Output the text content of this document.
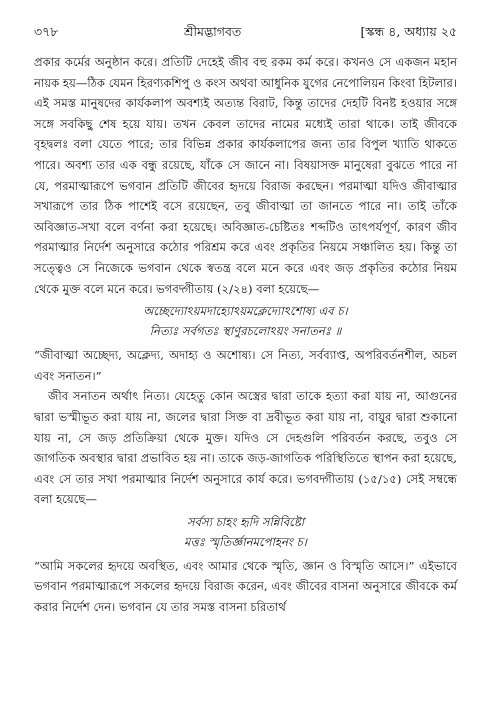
৩৭৮	শ্রীমদ্ভাগবত	[স্কন্ধ ৪, অধ্যায় ২৫

প্রকার কর্মের অনুষ্ঠান করে। প্রতিটি দেহেই জীব বহু রকম কর্ম করে। কখনও সে একজন মহান নায়ক হয়—ঠিক যেমন হিরণ্যকশিপু ও কংস অথবা আধুনিক যুগের নেপোলিয়ন কিংবা হিটলার। এই সমস্ত মানুষদের কার্যকলাপ অবশ্যই অত্যন্ত বিরাট, কিন্তু তাদের দেহটি বিনষ্ট হওয়ার সঙ্গে সঙ্গে সবকিছু শেষ হয়ে যায়। তখন কেবল তাদের নামের মধ্যেই তারা থাকে। তাই জীবকে বৃহদ্বলঃ বলা যেতে পারে; তার বিভিন্ন প্রকার কার্যকলাপের জন্য তার বিপুল খ্যাতি থাকতে পারে। অবশ্য তার এক বন্ধু রয়েছে, যাঁকে সে জানে না। বিষয়াসক্ত মানুষেরা বুঝতে পারে না যে, পরমাত্মারূপে ভগবান প্রতিটি জীবের হৃদয়ে বিরাজ করছেন। পরমাত্মা যদিও জীবাত্মার সখারূপে তার ঠিক পাশেই বসে রয়েছেন, তবু জীবাত্মা তা জানতে পারে না। তাই তাঁকে অবিজ্ঞাত-সখা বলে বর্ণনা করা হয়েছে। অবিজ্ঞাত-চেষ্টিতঃ শব্দটিও তাৎপর্যপূর্ণ, কারণ জীব পরমাত্মার নির্দেশ অনুসারে কঠোর পরিশ্রম করে এবং প্রকৃতির নিয়মে সঞ্চালিত হয়। কিন্তু তা সত্ত্বেও সে নিজেকে ভগবান থেকে স্বতন্ত্র বলে মনে করে এবং জড় প্রকৃতির কঠোর নিয়ম থেকে মুক্ত বলে মনে করে। ভগবদ্গীতায় (২/২৪) বলা হয়েছে—

অচ্ছেদ্যোঽয়মদাহ্যোঽয়মক্লেদ্যোঽশোষ্য এব চ।
নিত্যঃ সর্বগতঃ স্থাণুরচলোঽয়ং সনাতনঃ ॥

“জীবাত্মা অচ্ছেদ্য, অক্লেদ্য, অদাহ্য ও অশোষ্য। সে নিত্য, সর্বব্যাপ্ত, অপরিবর্তনশীল, অচল এবং সনাতন।”

জীব সনাতন অর্থাৎ নিত্য। যেহেতু কোন অস্ত্রের দ্বারা তাকে হত্যা করা যায় না, আগুনের দ্বারা ভস্মীভূত করা যায় না, জলের দ্বারা সিক্ত বা দ্রবীভূত করা যায় না, বায়ুর দ্বারা শুকানো যায় না, সে জড় প্রতিক্রিয়া থেকে মুক্ত। যদিও সে দেহগুলি পরিবর্তন করছে, তবুও সে জাগতিক অবস্থার দ্বারা প্রভাবিত হয় না। তাকে জড়-জাগতিক পরিস্থিতিতে স্থাপন করা হয়েছে, এবং সে তার সখা পরমাত্মার নির্দেশ অনুসারে কার্য করে। ভগবদ্গীতায় (১৫/১৫) সেই সম্বন্ধে বলা হয়েছে—

সর্বস্য চাহং হৃদি সন্নিবিষ্টো
মত্তঃ স্মৃতির্জ্ঞানমপোহনং চ।

“আমি সকলের হৃদয়ে অবস্থিত, এবং আমার থেকে স্মৃতি, জ্ঞান ও বিস্মৃতি আসে।” এইভাবে ভগবান পরমাত্মারূপে সকলের হৃদয়ে বিরাজ করেন, এবং জীবের বাসনা অনুসারে জীবকে কর্ম করার নির্দেশ দেন। ভগবান যে তার সমস্ত বাসনা চরিতার্থ
